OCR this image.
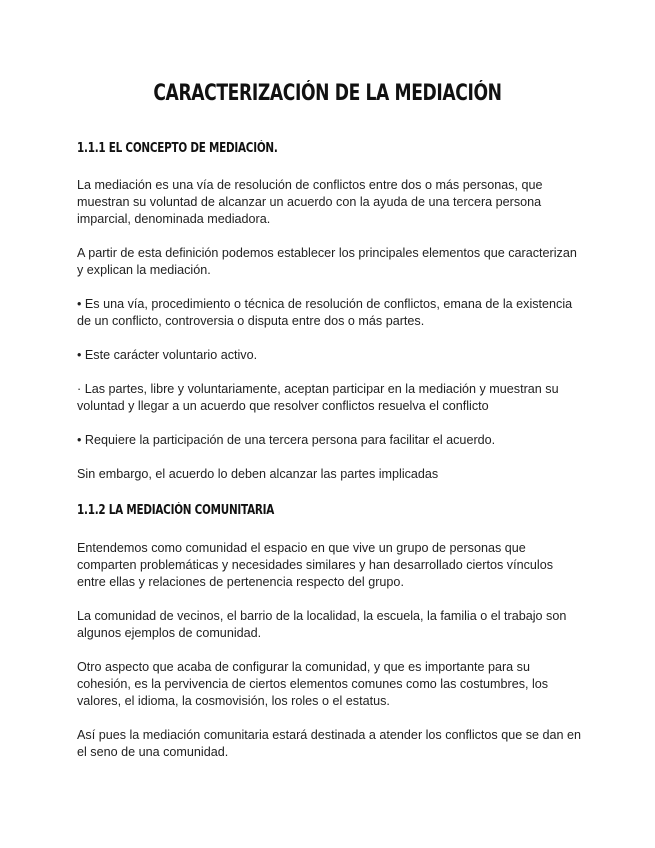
CARACTERIZACIÓN DE LA MEDIACIÓN
1.1.1 EL CONCEPTO DE MEDIACIÓN.

La mediación es una vía de resolución de conflictos entre dos o más personas, que muestran su voluntad de alcanzar un acuerdo con la ayuda de una tercera persona imparcial, denominada mediadora.

A partir de esta definición podemos establecer los principales elementos que caracterizan y explican la mediación.

• Es una vía, procedimiento o técnica de resolución de conflictos, emana de la existencia de un conflicto, controversia o disputa entre dos o más partes.

• Este carácter voluntario activo.

· Las partes, libre y voluntariamente, aceptan participar en la mediación y muestran su voluntad y llegar a un acuerdo que resolver conflictos resuelva el conflicto

• Requiere la participación de una tercera persona para facilitar el acuerdo.

Sin embargo, el acuerdo lo deben alcanzar las partes implicadas

1.1.2 LA MEDIACIÓN COMUNITARIA

Entendemos como comunidad el espacio en que vive un grupo de personas que comparten problemáticas y necesidades similares y han desarrollado ciertos vínculos entre ellas y relaciones de pertenencia respecto del grupo.

La comunidad de vecinos, el barrio de la localidad, la escuela, la familia o el trabajo son algunos ejemplos de comunidad.

Otro aspecto que acaba de configurar la comunidad, y que es importante para su cohesión, es la pervivencia de ciertos elementos comunes como las costumbres, los valores, el idioma, la cosmovisión, los roles o el estatus.

Así pues la mediación comunitaria estará destinada a atender los conflictos que se dan en el seno de una comunidad.
